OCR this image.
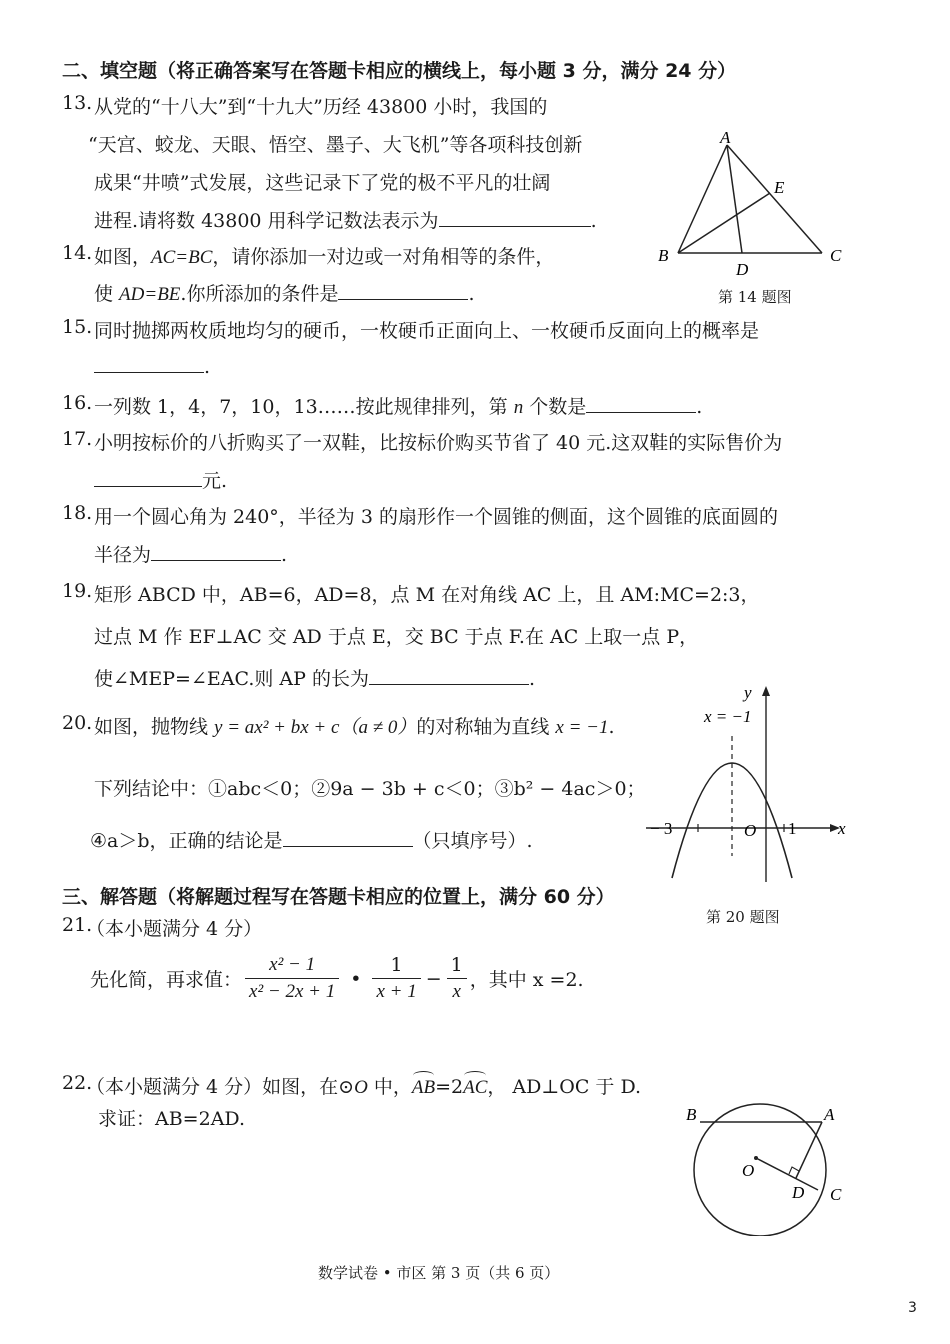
二、填空题（将正确答案写在答题卡相应的横线上，每小题 3 分，满分 24 分）
13. 从党的“十八大”到“十九大”历经 43800 小时，我国的
“天宫、蛟龙、天眼、悟空、墨子、大飞机”等各项科技创新
成果“井喷”式发展，这些记录下了党的极不平凡的壮阔
进程.请将数 43800 用科学记数法表示为	.
14. 如图，AC=BC，请你添加一对边或一对角相等的条件，
使 AD=BE.你所添加的条件是	.
A
E
B
D
C
第 14 题图
15. 同时抛掷两枚质地均匀的硬币，一枚硬币正面向上、一枚硬币反面向上的概率是
.
16. 一列数 1，4，7，10，13……按此规律排列，第 n 个数是	.
17. 小明按标价的八折购买了一双鞋，比按标价购买节省了 40 元.这双鞋的实际售价为
元.
18. 用一个圆心角为 240°，半径为 3 的扇形作一个圆锥的侧面，这个圆锥的底面圆的
半径为	.
19. 矩形 ABCD 中，AB=6，AD=8，点 M 在对角线 AC 上，且 AM:MC=2:3，
过点 M 作 EF⊥AC 交 AD 于点 E，交 BC 于点 F.在 AC 上取一点 P，
使∠MEP=∠EAC.则 AP 的长为	.
20. 如图，抛物线 y = ax² + bx + c（a ≠ 0）的对称轴为直线 x = −1.
下列结论中：①abc＜0；②9a − 3b + c＜0；③b² − 4ac＞0；
④a＞b，正确的结论是	（只填序号）.
x = −1
y
x
− 3	O 1
第 20 题图
三、解答题（将解题过程写在答题卡相应的位置上，满分 60 分）
21.
（本小题满分 4 分）
先化简，再求值： $\frac{\text{x² − 1}}{\text{x² − 2x + 1}}$ • $\frac{1}{x + 1} - \frac{1}{x}$ ，其中 x =2.
22.
（本小题满分 4 分）如图，在⊙O 中，AB=2AC， AD⊥OC 于 D.
求证：AB=2AD.	B	A
O
D C
数学试卷 • 市区 第 3 页（共 6 页）
3
